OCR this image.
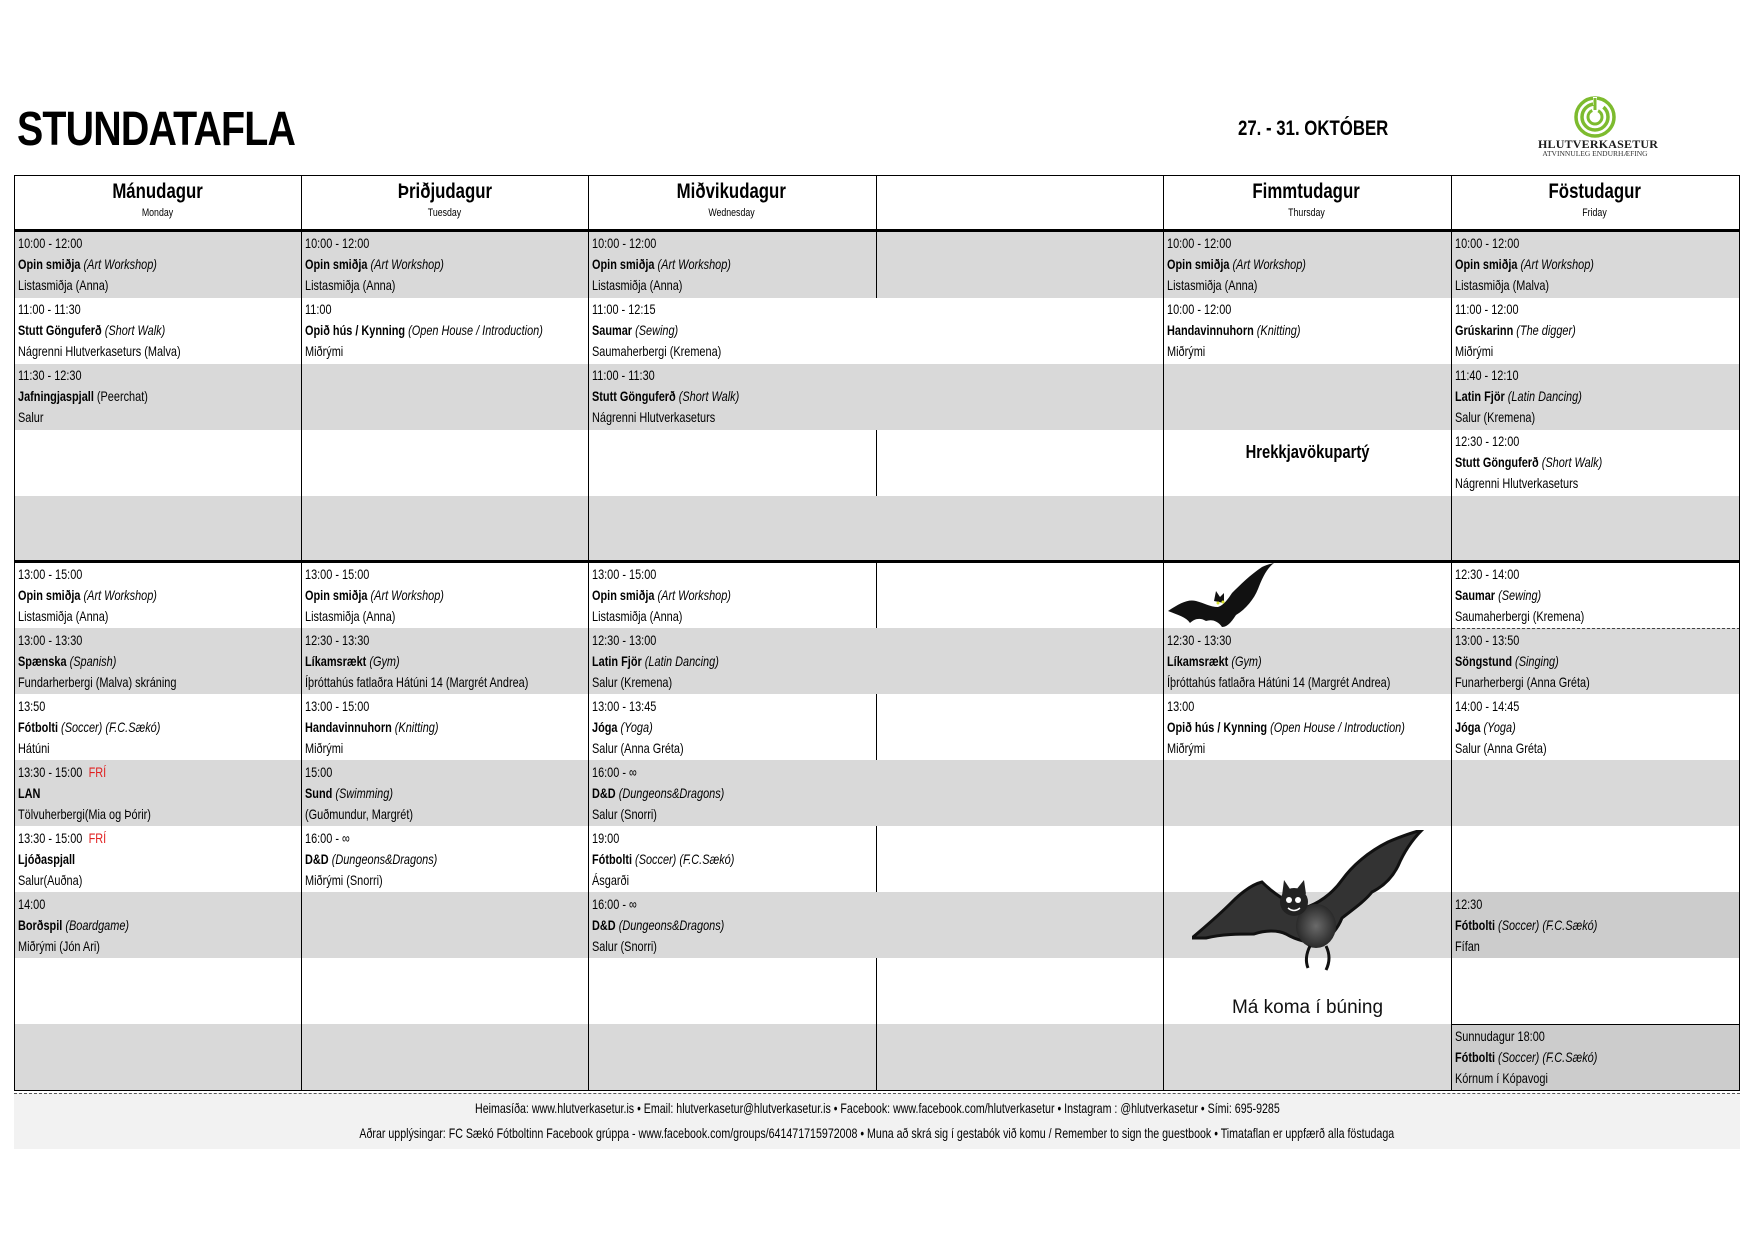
STUNDATAFLA	27. - 31. OKTÓBER
HLUTVERKASETUR
ATVINNULEG ENDURHÆFING
Mánudagur
Monday
Þriðjudagur
Tuesday
Miðvikudagur
Wednesday
Fimmtudagur
Thursday
Föstudagur
Friday
10:00 - 12:00
Opin smiðja (Art Workshop)
Listasmiðja (Anna)
11:00 - 11:30
Stutt Gönguferð (Short Walk)
Nágrenni Hlutverkaseturs (Malva)
11:30 - 12:30
Jafningjaspjall (Peerchat)
Salur
10:00 - 12:00
Opin smiðja (Art Workshop)
Listasmiðja (Anna)
11:00
Opið hús / Kynning (Open House / Introduction)
Miðrými
10:00 - 12:00
Opin smiðja (Art Workshop)
Listasmiðja (Anna)
11:00 - 12:15
Saumar (Sewing)
Saumaherbergi (Kremena)
11:00 - 11:30
Stutt Gönguferð (Short Walk)
Nágrenni Hlutverkaseturs
10:00 - 12:00
Opin smiðja (Art Workshop)
Listasmiðja (Anna)
10:00 - 12:00
Handavinnuhorn (Knitting)
Miðrými
10:00 - 12:00
Opin smiðja (Art Workshop)
Listasmiðja (Malva)
11:00 - 12:00
Grúskarinn (The digger)
Miðrými
11:40 - 12:10
Latin Fjör (Latin Dancing)
Salur (Kremena)
12:30 - 12:00
Stutt Gönguferð (Short Walk)
Nágrenni Hlutverkaseturs
13:00 - 15:00
Opin smiðja (Art Workshop)
Listasmiðja (Anna)
13:00 - 13:30
Spænska (Spanish)
Fundarherbergi (Malva) skráning
13:50
Fótbolti (Soccer) (F.C.Sækó)
Hátúni
13:30 - 15:00 FRÍ
LAN
Tölvuherbergi(Mia og Þórir)
13:30 - 15:00 FRÍ
Ljóðaspjall
Salur(Auðna)
14:00
Borðspil (Boardgame)
Miðrými (Jón Ari)
13:00 - 15:00
Opin smiðja (Art Workshop)
Listasmiðja (Anna)
12:30 - 13:30
Líkamsrækt (Gym)
Íþróttahús fatlaðra Hátúni 14 (Margrét Andrea)
13:00 - 15:00
Handavinnuhorn (Knitting)
Miðrými
15:00
Sund (Swimming)
(Guðmundur, Margrét)
16:00 - ∞
D&D (Dungeons&Dragons)
Miðrými (Snorri)
13:00 - 15:00
Opin smiðja (Art Workshop)
Listasmiðja (Anna)
12:30 - 13:00
Latin Fjör (Latin Dancing)
Salur (Kremena)
13:00 - 13:45
Jóga (Yoga)
Salur (Anna Gréta)
16:00 - ∞
D&D (Dungeons&Dragons)
Salur (Snorri)
19:00
Fótbolti (Soccer) (F.C.Sækó)
Ásgarði
16:00 - ∞
D&D (Dungeons&Dragons)
Salur (Snorri)
12:30 - 13:30
Líkamsrækt (Gym)
Íþróttahús fatlaðra Hátúni 14 (Margrét Andrea)
13:00
Opið hús / Kynning (Open House / Introduction)
Miðrými
12:30 - 14:00
Saumar (Sewing)
Saumaherbergi (Kremena)
13:00 - 13:50
Söngstund (Singing)
Funarherbergi (Anna Gréta)
14:00 - 14:45
Jóga (Yoga)
Salur (Anna Gréta)
12:30
Fótbolti (Soccer) (F.C.Sækó)
Fífan
Sunnudagur 18:00
Fótbolti (Soccer) (F.C.Sækó)
Kórnum í Kópavogi
Hrekkjavökupartý
Má koma í búning
Heimasíða: www.hlutverkasetur.is • Email: hlutverkasetur@hlutverkasetur.is • Facebook: www.facebook.com/hlutverkasetur • Instagram : @hlutverkasetur • Sími: 695-9285
Aðrar upplýsingar: FC Sækó Fótboltinn Facebook grúppa - www.facebook.com/groups/641471715972008 • Muna að skrá sig í gestabók við komu / Remember to sign the guestbook • Timataflan er uppfærð alla föstudaga
